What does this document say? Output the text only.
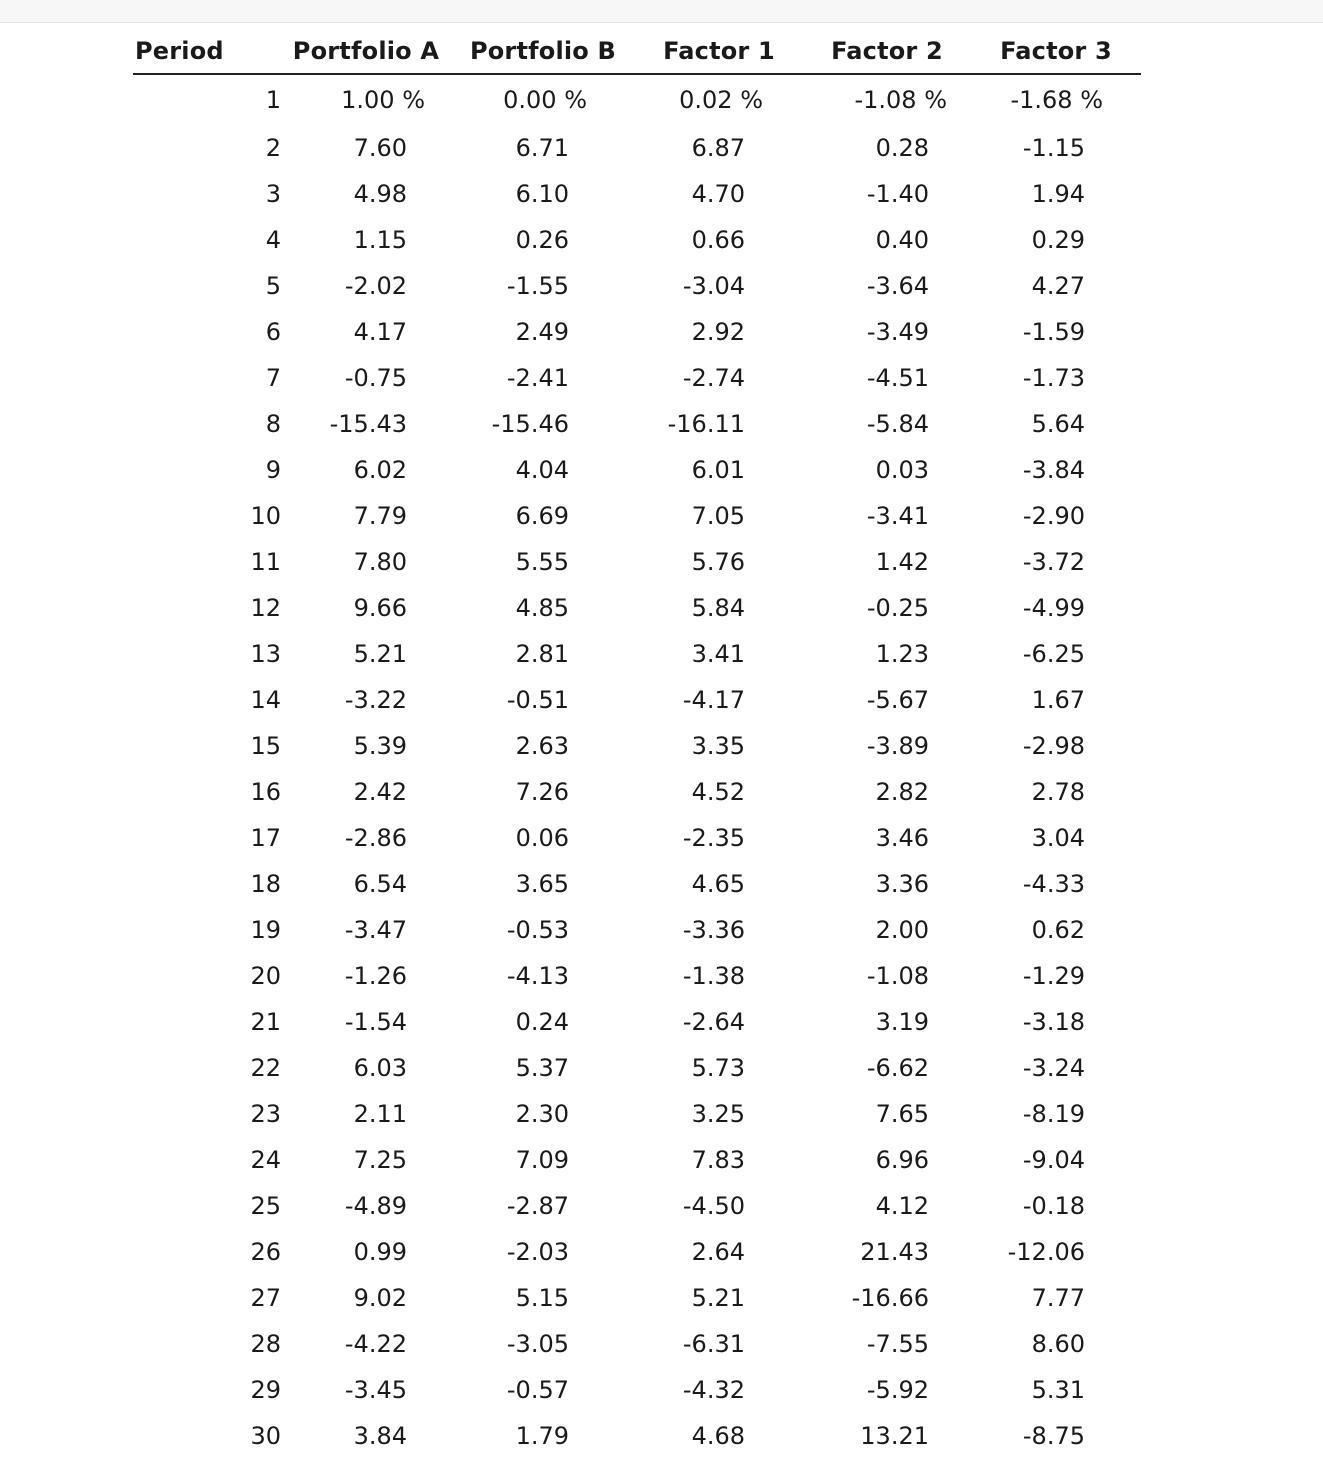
Period	Portfolio A	Portfolio B	Factor 1	Factor 2	Factor 3
1	1.00 %	0.00 %	0.02 %	-1.08 %	-1.68 %
2	7.60	6.71	6.87	0.28	-1.15
3	4.98	6.10	4.70	-1.40	1.94
4	1.15	0.26	0.66	0.40	0.29
5	-2.02	-1.55	-3.04	-3.64	4.27
6	4.17	2.49	2.92	-3.49	-1.59
7	-0.75	-2.41	-2.74	-4.51	-1.73
8	-15.43	-15.46	-16.11	-5.84	5.64
9	6.02	4.04	6.01	0.03	-3.84
10	7.79	6.69	7.05	-3.41	-2.90
11	7.80	5.55	5.76	1.42	-3.72
12	9.66	4.85	5.84	-0.25	-4.99
13	5.21	2.81	3.41	1.23	-6.25
14	-3.22	-0.51	-4.17	-5.67	1.67
15	5.39	2.63	3.35	-3.89	-2.98
16	2.42	7.26	4.52	2.82	2.78
17	-2.86	0.06	-2.35	3.46	3.04
18	6.54	3.65	4.65	3.36	-4.33
19	-3.47	-0.53	-3.36	2.00	0.62
20	-1.26	-4.13	-1.38	-1.08	-1.29
21	-1.54	0.24	-2.64	3.19	-3.18
22	6.03	5.37	5.73	-6.62	-3.24
23	2.11	2.30	3.25	7.65	-8.19
24	7.25	7.09	7.83	6.96	-9.04
25	-4.89	-2.87	-4.50	4.12	-0.18
26	0.99	-2.03	2.64	21.43	-12.06
27	9.02	5.15	5.21	-16.66	7.77
28	-4.22	-3.05	-6.31	-7.55	8.60
29	-3.45	-0.57	-4.32	-5.92	5.31
30	3.84	1.79	4.68	13.21	-8.75
